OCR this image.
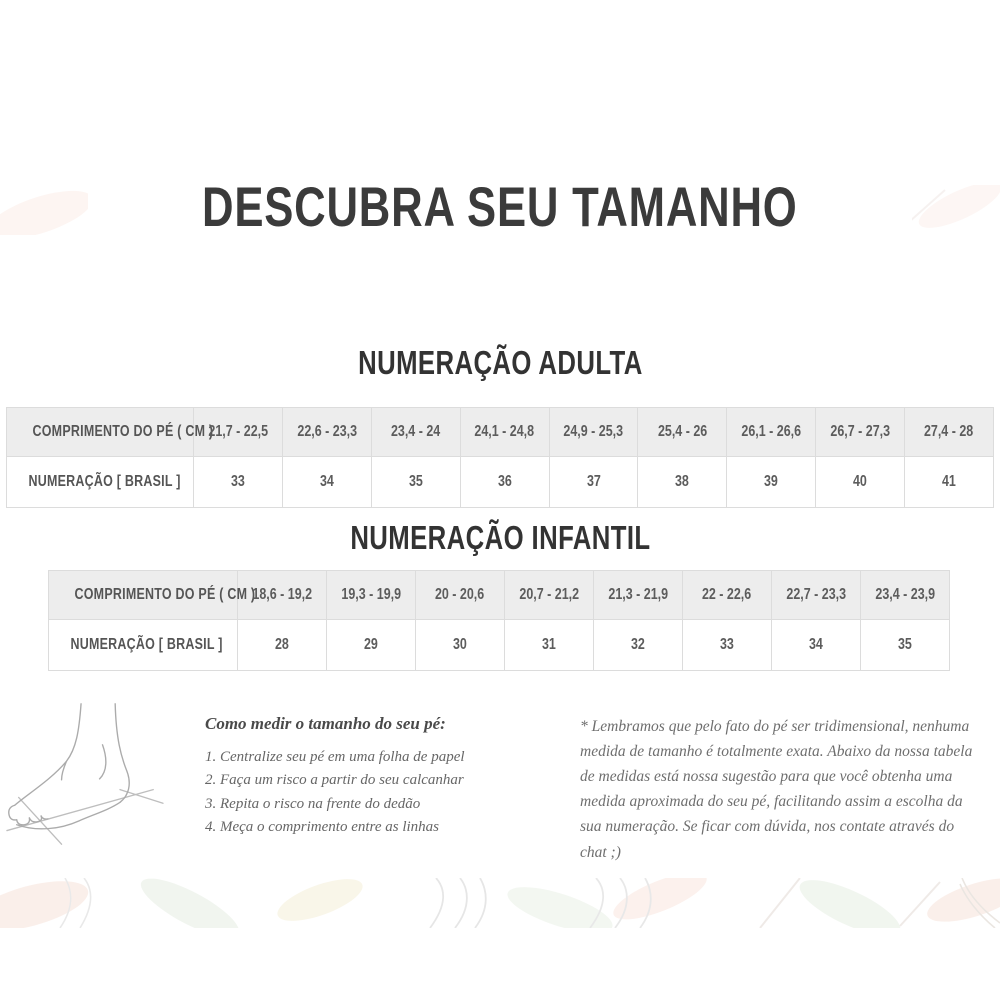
DESCUBRA SEU TAMANHO
NUMERAÇÃO ADULTA
COMPRIMENTO DO PÉ ( CM )	21,7 - 22,5	22,6 - 23,3	23,4 - 24	24,1 - 24,8	24,9 - 25,3	25,4 - 26	26,1 - 26,6	26,7 - 27,3	27,4 - 28
NUMERAÇÃO [ BRASIL ]	33	34	35	36	37	38	39	40	41
NUMERAÇÃO INFANTIL
COMPRIMENTO DO PÉ ( CM )	18,6 - 19,2	19,3 - 19,9	20 - 20,6	20,7 - 21,2	21,3 - 21,9	22 - 22,6	22,7 - 23,3	23,4 - 23,9
NUMERAÇÃO [ BRASIL ]	28	29	30	31	32	33	34	35

Como medir o tamanho do seu pé:

1. Centralize seu pé em uma folha de papel
2. Faça um risco a partir do seu calcanhar
3. Repita o risco na frente do dedão
4. Meça o comprimento entre as linhas
* Lembramos que pelo fato do pé ser tridimensional, nenhuma medida de tamanho é totalmente exata. Abaixo da nossa tabela de medidas está nossa sugestão para que você obtenha uma medida aproximada do seu pé, facilitando assim a escolha da sua numeração. Se ficar com dúvida, nos contate através do chat ;)
